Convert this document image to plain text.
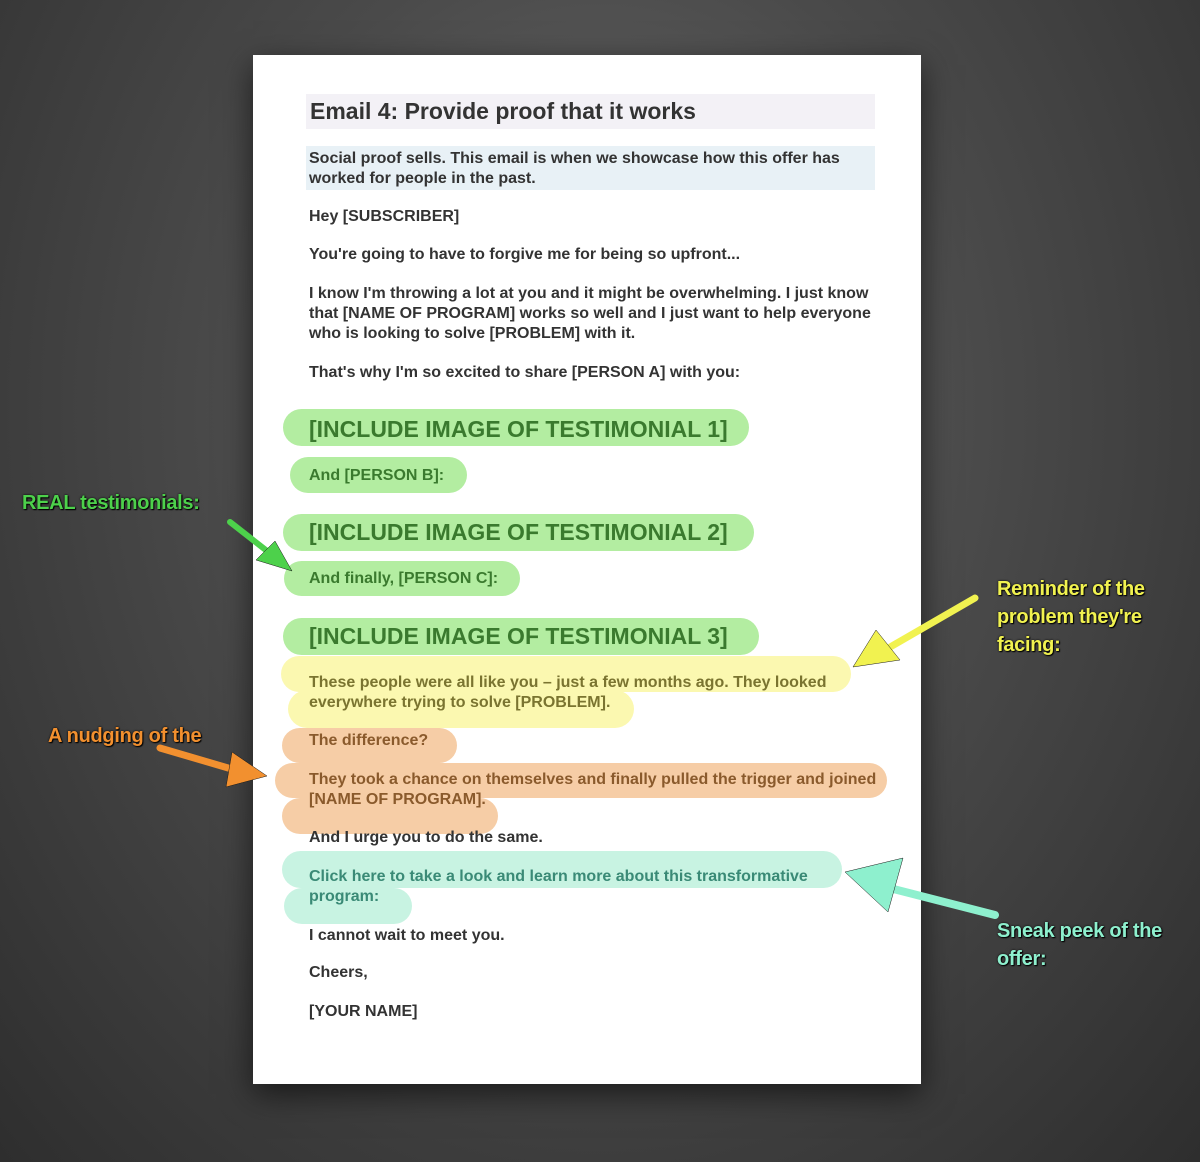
Email 4: Provide proof that it works
Social proof sells. This email is when we showcase how this offer has
worked for people in the past.
Hey [SUBSCRIBER]
You're going to have to forgive me for being so upfront...
I know I'm throwing a lot at you and it might be overwhelming. I just know
that [NAME OF PROGRAM] works so well and I just want to help everyone
who is looking to solve [PROBLEM] with it.
That's why I'm so excited to share [PERSON A] with you:
[INCLUDE IMAGE OF TESTIMONIAL 1]
And [PERSON B]:
[INCLUDE IMAGE OF TESTIMONIAL 2]
And finally, [PERSON C]:
[INCLUDE IMAGE OF TESTIMONIAL 3]
These people were all like you – just a few months ago. They looked
everywhere trying to solve [PROBLEM].
The difference?
They took a chance on themselves and finally pulled the trigger and joined
[NAME OF PROGRAM].
And I urge you to do the same.
Click here to take a look and learn more about this transformative
program:
I cannot wait to meet you.
Cheers,
[YOUR NAME]
REAL testimonials:
Reminder of the
problem they're
facing:
A nudging of the
Sneak peek of the
offer:
